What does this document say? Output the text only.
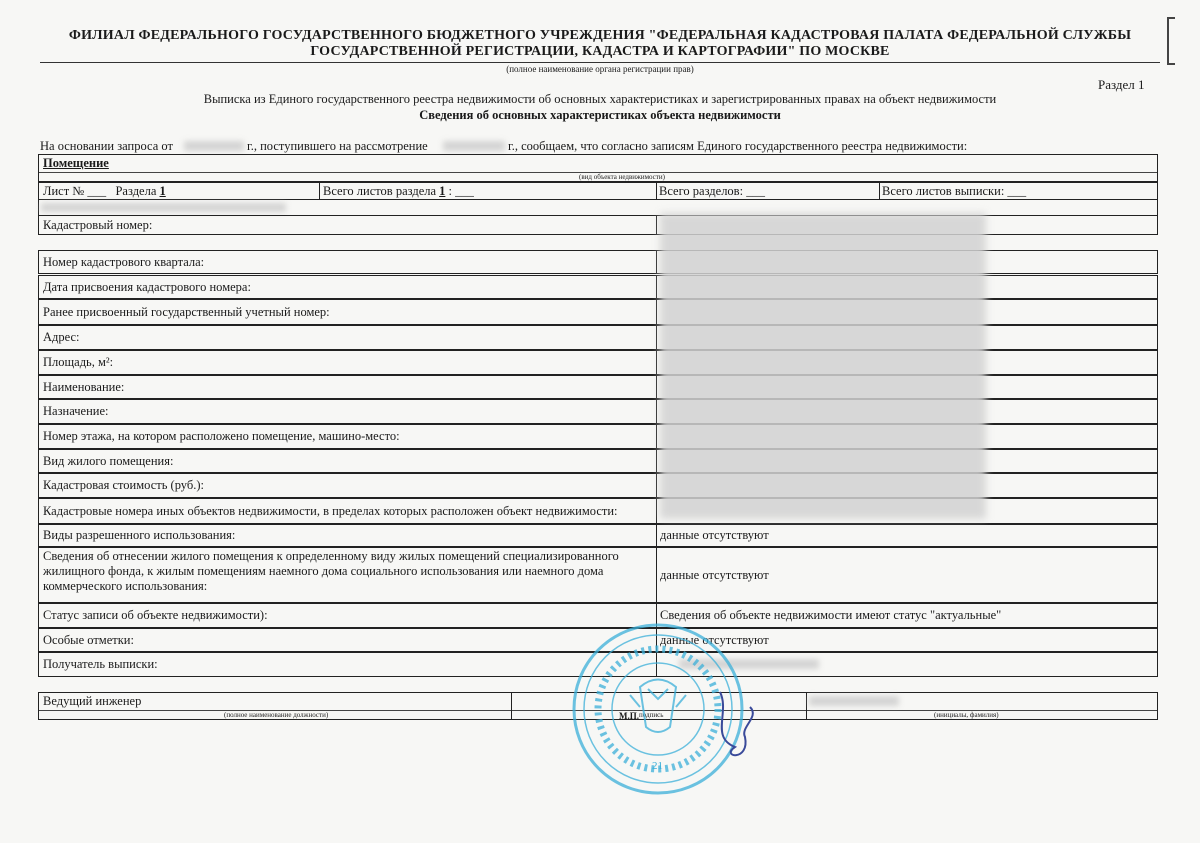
ФИЛИАЛ ФЕДЕРАЛЬНОГО ГОСУДАРСТВЕННОГО БЮДЖЕТНОГО УЧРЕЖДЕНИЯ "ФЕДЕРАЛЬНАЯ КАДАСТРОВАЯ ПАЛАТА ФЕДЕРАЛЬНОЙ СЛУЖБЫ
ГОСУДАРСТВЕННОЙ РЕГИСТРАЦИИ, КАДАСТРА И КАРТОГРАФИИ" ПО МОСКВЕ
(полное наименование органа регистрации прав)
Раздел 1
Выписка из Единого государственного реестра недвижимости об основных характеристиках и зарегистрированных правах на объект недвижимости
Сведения об основных характеристиках объекта недвижимости
На основании запроса от	г., поступившего на рассмотрение	г., сообщаем, что согласно записям Единого государственного реестра недвижимости:
Помещение
(вид объекта недвижимости)
Лист № ___ Раздела 1	Всего листов раздела 1 : ___	Всего разделов: ___	Всего листов выписки: ___
Кадастровый номер:
Номер кадастрового квартала:
Дата присвоения кадастрового номера:
Ранее присвоенный государственный учетный номер:
Адрес:
Площадь, м²:
Наименование:
Назначение:
Номер этажа, на котором расположено помещение, машино-место:
Вид жилого помещения:
Кадастровая стоимость (руб.):
Кадастровые номера иных объектов недвижимости, в пределах которых расположен объект недвижимости:
Виды разрешенного использования:	данные отсутствуют
Сведения об отнесении жилого помещения к определенному виду жилых помещений специализированного
жилищного фонда, к жилым помещениям наемного дома социального использования или наемного дома
коммерческого использования:
данные отсутствуют
Статус записи об объекте недвижимости):	Сведения об объекте недвижимости имеют статус "актуальные"
Особые отметки:	данные отсутствуют
Получатель выписки:
Ведущий инженер
(полное наименование должности)	подпись
М.П.	(инициалы, фамилия)
21
